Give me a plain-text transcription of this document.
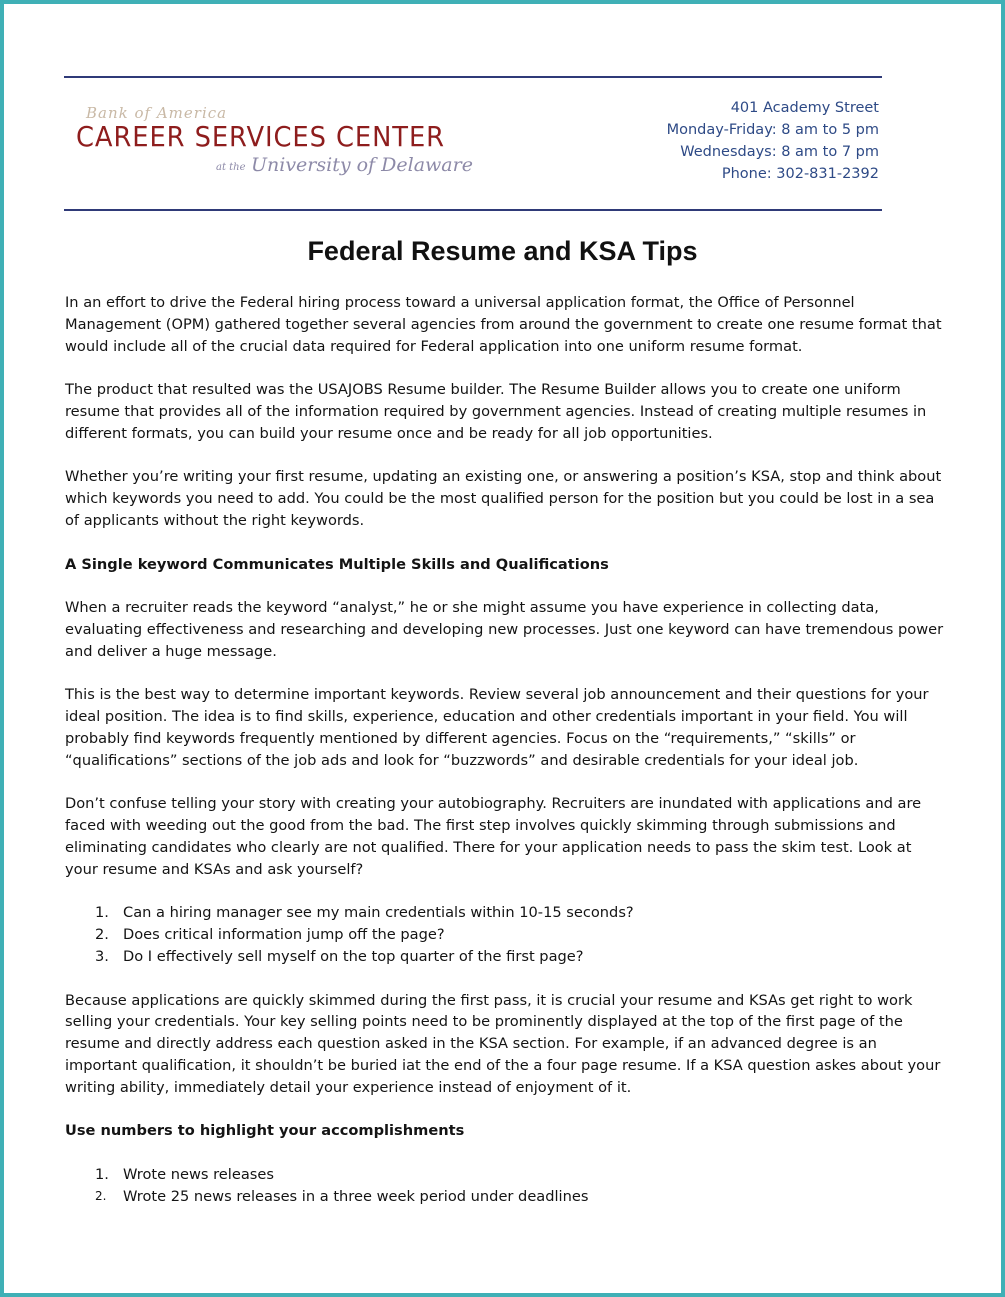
Bank of America
CAREER SERVICES CENTER
at the University of Delaware
401 Academy Street
Monday-Friday: 8 am to 5 pm
Wednesdays: 8 am to 7 pm
Phone: 302-831-2392
Federal Resume and KSA Tips

In an effort to drive the Federal hiring process toward a universal application format, the Office of Personnel Management (OPM) gathered together several agencies from around the government to create one resume format that would include all of the crucial data required for Federal application into one uniform resume format.

The product that resulted was the USAJOBS Resume builder. The Resume Builder allows you to create one uniform resume that provides all of the information required by government agencies. Instead of creating multiple resumes in different formats, you can build your resume once and be ready for all job opportunities.

Whether you’re writing your first resume, updating an existing one, or answering a position’s KSA, stop and think about which keywords you need to add. You could be the most qualified person for the position but you could be lost in a sea of applicants without the right keywords.

A Single keyword Communicates Multiple Skills and Qualifications

When a recruiter reads the keyword “analyst,” he or she might assume you have experience in collecting data, evaluating effectiveness and researching and developing new processes. Just one keyword can have tremendous power and deliver a huge message.

This is the best way to determine important keywords. Review several job announcement and their questions for your ideal position. The idea is to find skills, experience, education and other credentials important in your field. You will probably find keywords frequently mentioned by different agencies. Focus on the “requirements,” “skills” or “qualifications” sections of the job ads and look for “buzzwords” and desirable credentials for your ideal job.

Don’t confuse telling your story with creating your autobiography. Recruiters are inundated with applications and are faced with weeding out the good from the bad. The first step involves quickly skimming through submissions and eliminating candidates who clearly are not qualified. There for your application needs to pass the skim test. Look at your resume and KSAs and ask yourself?

1. Can a hiring manager see my main credentials within 10-15 seconds?
2. Does critical information jump off the page?
3. Do I effectively sell myself on the top quarter of the first page?

Because applications are quickly skimmed during the first pass, it is crucial your resume and KSAs get right to work selling your credentials. Your key selling points need to be prominently displayed at the top of the first page of the resume and directly address each question asked in the KSA section. For example, if an advanced degree is an important qualification, it shouldn’t be buried iat the end of the a four page resume. If a KSA question askes about your writing ability, immediately detail your experience instead of enjoyment of it.

Use numbers to highlight your accomplishments
1. Wrote news releases
2. Wrote 25 news releases in a three week period under deadlines
